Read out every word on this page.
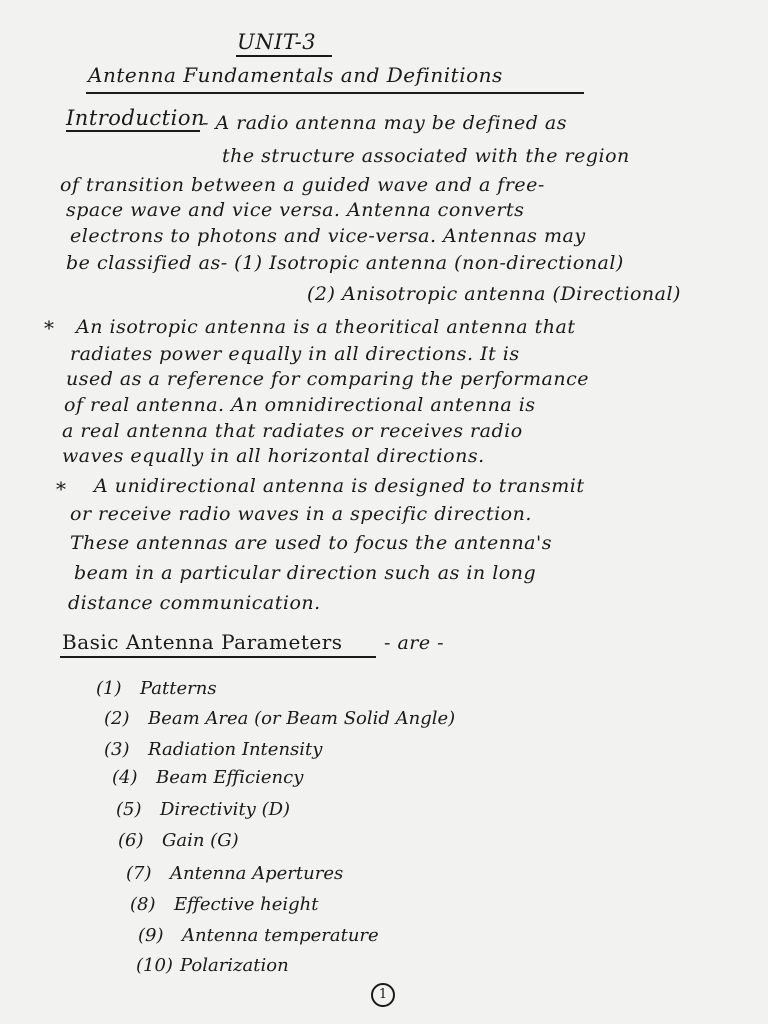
UNIT-3
Antenna Fundamentals and Definitions
Introduction
- A radio antenna may be defined as
the structure associated with the region
of transition between a guided wave and a free-
space wave and vice versa. Antenna converts
electrons to photons and vice-versa. Antennas may
be classified as- (1) Isotropic antenna (non-directional)
(2) Anisotropic antenna (Directional)
* An isotropic antenna is a theoritical antenna that
radiates power equally in all directions. It is
used as a reference for comparing the performance
of real antenna. An omnidirectional antenna is
a real antenna that radiates or receives radio
waves equally in all horizontal directions.
* A unidirectional antenna is designed to transmit
or receive radio waves in a specific direction.
These antennas are used to focus the antenna's
beam in a particular direction such as in long
distance communication.
Basic Antenna Parameters - are -
(1) Patterns
(2) Beam Area (or Beam Solid Angle)
(3) Radiation Intensity
(4) Beam Efficiency
(5) Directivity (D)
(6) Gain (G)
(7) Antenna Apertures
(8) Effective height
(9) Antenna temperature
(10) Polarization
1
